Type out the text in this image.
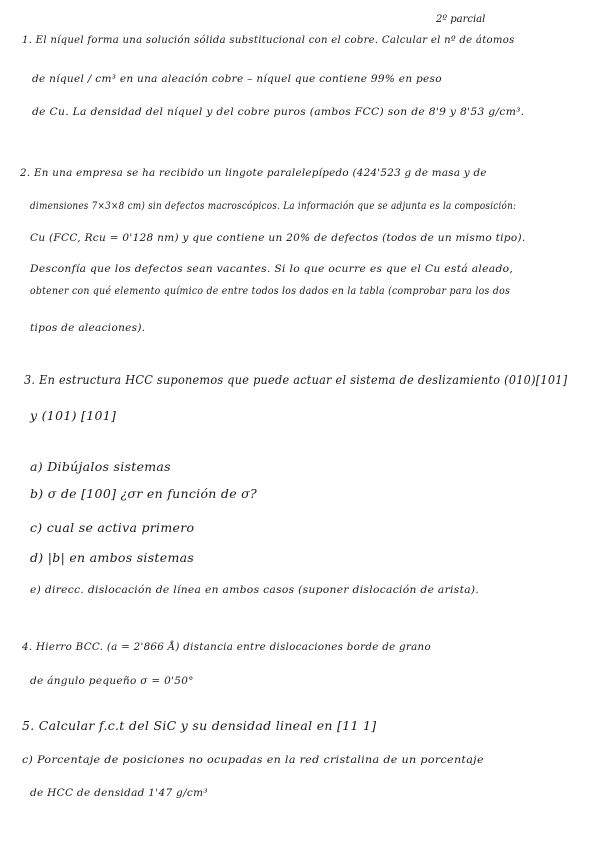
2º parcial
1. El níquel forma una solución sólida substitucional con el cobre. Calcular el nº de átomos
de níquel / cm³ en una aleación cobre – níquel que contiene 99% en peso
de Cu. La densidad del níquel y del cobre puros (ambos FCC) son de 8'9 y 8'53 g/cm³.
2. En una empresa se ha recibido un lingote paralelepípedo (424'523 g de masa y de
dimensiones 7×3×8 cm) sin defectos macroscópicos. La información que se adjunta es la composición:
Cu (FCC, Rcu = 0'128 nm) y que contiene un 20% de defectos (todos de un mismo tipo).
Desconfía que los defectos sean vacantes. Si lo que ocurre es que el Cu está aleado,
obtener con qué elemento químico de entre todos los dados en la tabla (comprobar para los dos
tipos de aleaciones).
3. En estructura HCC suponemos que puede actuar el sistema de deslizamiento (010)[101]
y (101) [101]
a) Dibújalos sistemas
b) σ de [100] ¿σr en función de σ?
c) cual se activa primero
d) |b| en ambos sistemas
e) direcc. dislocación de línea en ambos casos (suponer dislocación de arista).
4. Hierro BCC. (a = 2'866 Å) distancia entre dislocaciones borde de grano
de ángulo pequeño σ = 0'50°
5. Calcular f.c.t del SiC y su densidad lineal en [11 1]
c) Porcentaje de posiciones no ocupadas en la red cristalina de un porcentaje
de HCC de densidad 1'47 g/cm³
